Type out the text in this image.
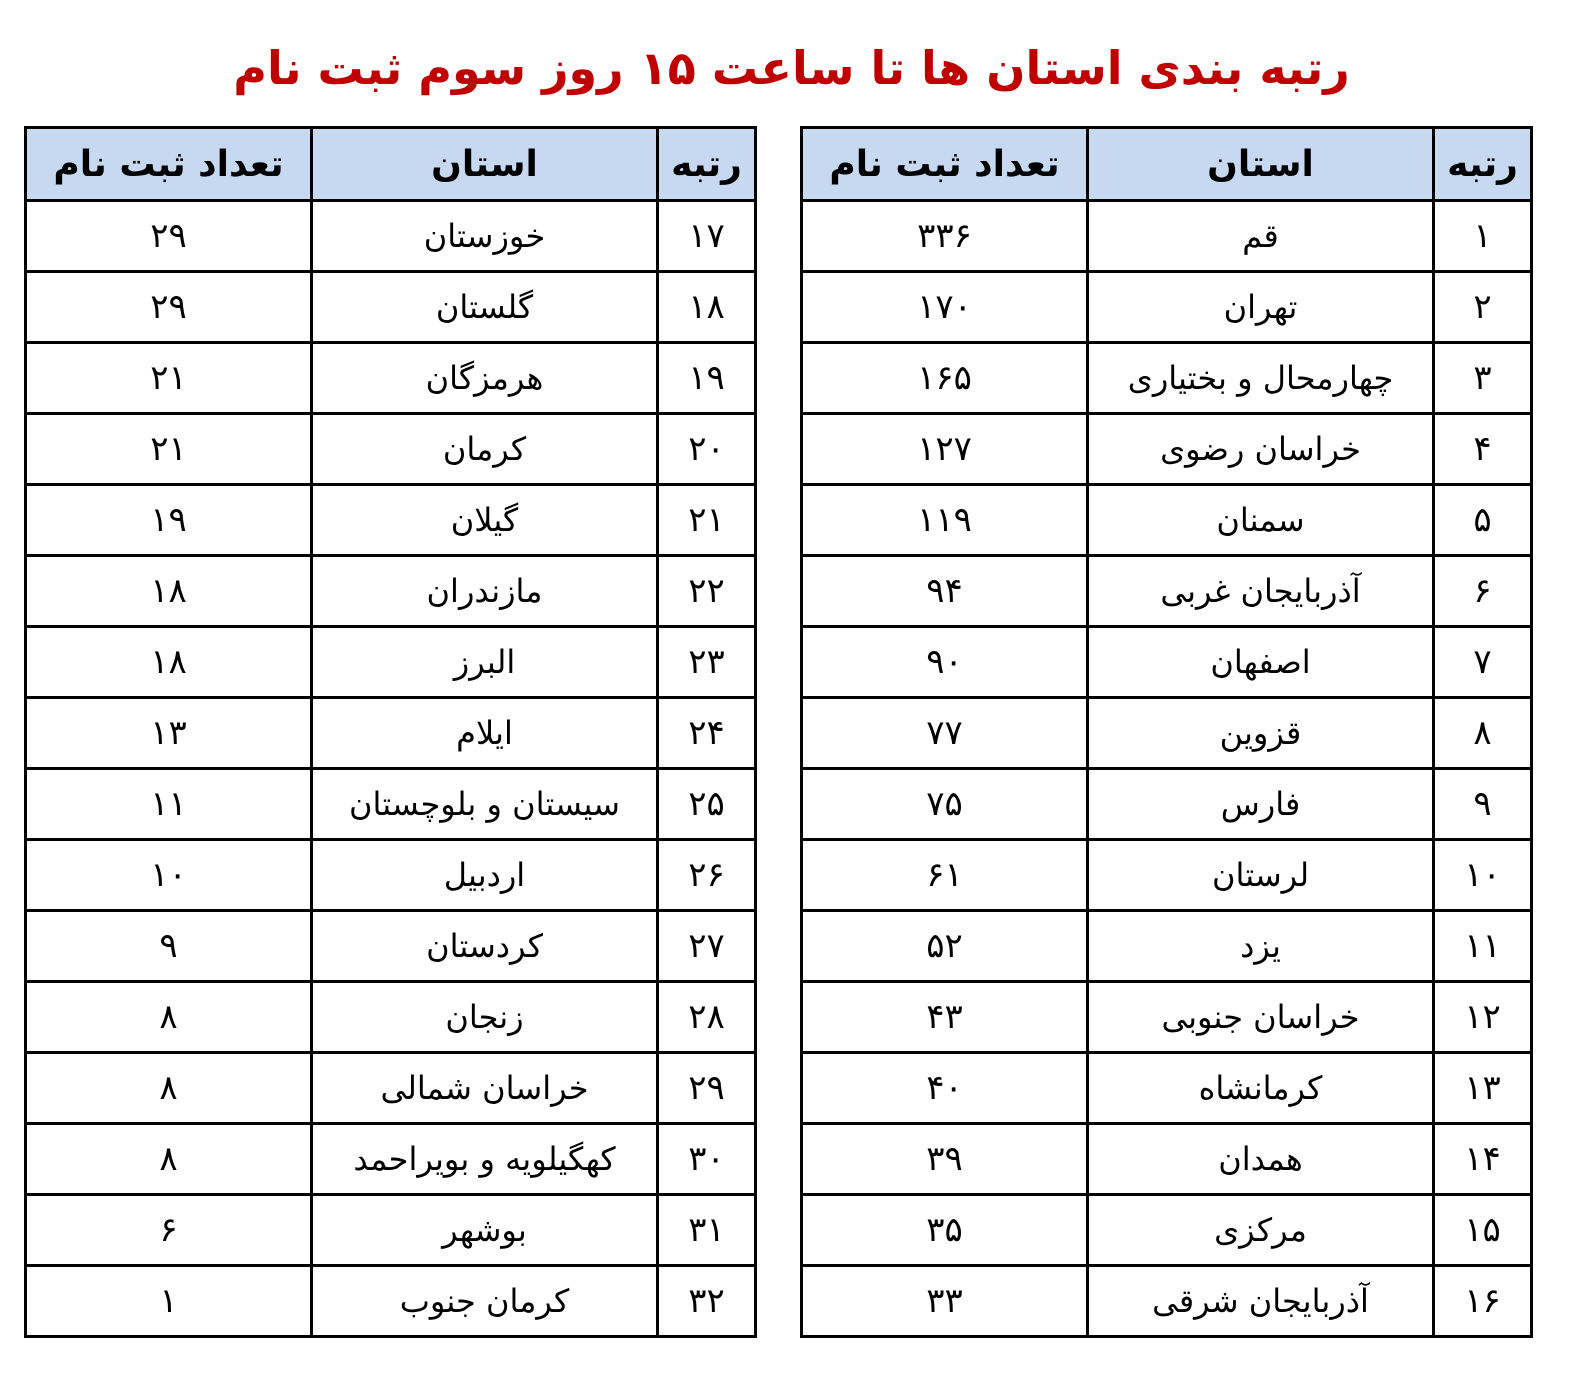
رتبه بندی استان ها تا ساعت ۱۵ روز سوم ثبت نام
رتبه	استان	تعداد ثبت نام
۱	قم	۳۳۶
۲	تهران	۱۷۰
۳	چهارمحال و بختیاری	۱۶۵
۴	خراسان رضوی	۱۲۷
۵	سمنان	۱۱۹
۶	آذربایجان غربی	۹۴
۷	اصفهان	۹۰
۸	قزوین	۷۷
۹	فارس	۷۵
۱۰	لرستان	۶۱
۱۱	یزد	۵۲
۱۲	خراسان جنوبی	۴۳
۱۳	کرمانشاه	۴۰
۱۴	همدان	۳۹
۱۵	مرکزی	۳۵
۱۶	آذربایجان شرقی	۳۳
رتبه	استان	تعداد ثبت نام
۱۷	خوزستان	۲۹
۱۸	گلستان	۲۹
۱۹	هرمزگان	۲۱
۲۰	کرمان	۲۱
۲۱	گیلان	۱۹
۲۲	مازندران	۱۸
۲۳	البرز	۱۸
۲۴	ایلام	۱۳
۲۵	سیستان و بلوچستان	۱۱
۲۶	اردبیل	۱۰
۲۷	کردستان	۹
۲۸	زنجان	۸
۲۹	خراسان شمالی	۸
۳۰	کهگیلویه و بویراحمد	۸
۳۱	بوشهر	۶
۳۲	کرمان جنوب	۱
